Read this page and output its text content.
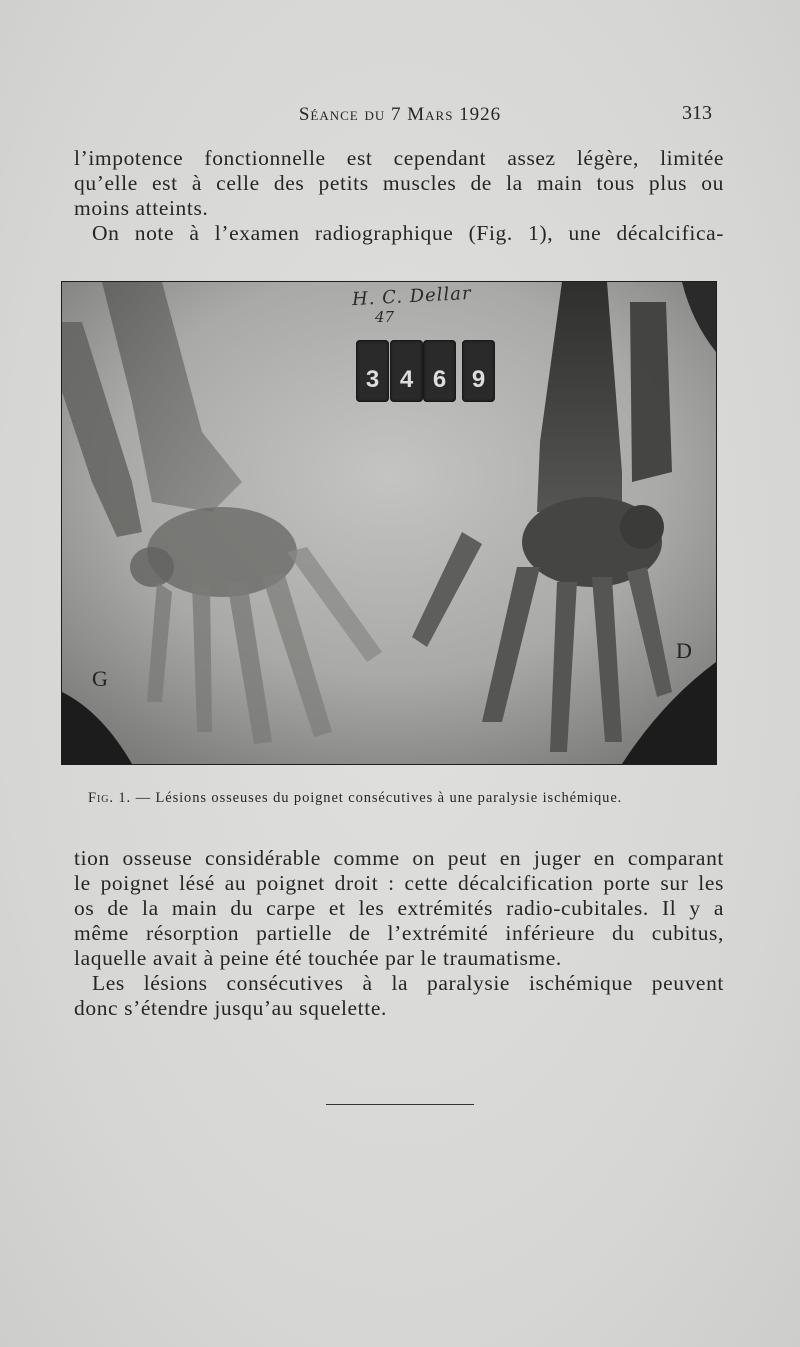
Séance du 7 Mars 1926	313
l’impotence fonctionnelle est cependant assez légère, limitée
qu’elle est à celle des petits muscles de la main tous plus ou
moins atteints.
On note à l’examen radiographique (Fig. 1), une décalcifica-
H. C. Dellar
47
3 4 6	9
G
D
Fig. 1. — Lésions osseuses du poignet consécutives à une paralysie ischémique.
tion osseuse considérable comme on peut en juger en comparant
le poignet lésé au poignet droit : cette décalcification porte sur les
os de la main du carpe et les extrémités radio-cubitales. Il y a
même résorption partielle de l’extrémité inférieure du cubitus,
laquelle avait à peine été touchée par le traumatisme.
Les lésions consécutives à la paralysie ischémique peuvent
donc s’étendre jusqu’au squelette.
